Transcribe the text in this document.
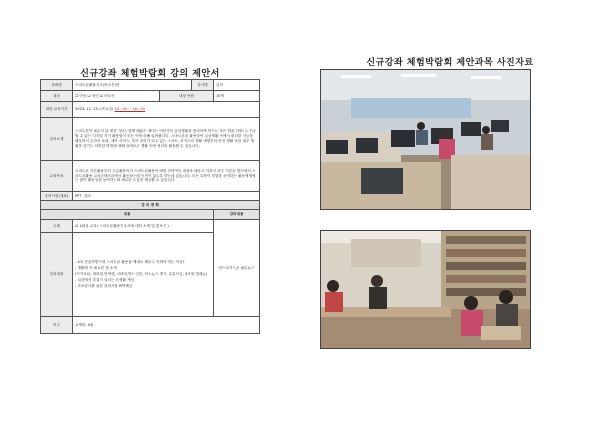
신규강좌 체험박람회 강의 제안서
강좌명	스마트폰활용기초(어르신)반		강사명	김씨
대상	☐ 아동 ☑ 성인 ☑ 어르신	대상 인원		10명
희망 교육기간	2023. 11. 20. (목요일) 14 : 00 ~ 16 : 00			
강의소개	스마트폰이 필수가 된 세상, 당신, 함께 배워도 재미는 어딘가?! 일상생활을 편리하게 만드는 작은 앱을 다양! 누구나 할 수 있는 디지털 기기 활용법이 모든 이에 의해 알려줍니다. 스마트폰을 활용하여 일상생활 속에서 편리한 기능을 배우며서 온라인 쇼핑, 예약 서비스, 톡이 준비가 되고 있는 스마트, 포커스의 생활 예방부터 안전 생활 또한 매우 생활을 즐기는 다양한 방법에 대해 알려보고 생활 속에 정석의 활용할 수 있습니다.			
교육목표	스마트폰 기본활용부터 고급활용까지 스마트폰활용이 매번 전략적인 내용을 배우고 익혀서 평주 기본된 방식에서 스마트폰활용 교육콘텐츠리에서 활동하는데 승격이 없도록 하는데 있습니다. 모든 특정이 경험을 준비하는 활동에게에는 많이 활동성을 높여하는데 새로운 도움을 제공할 수 있습니다.			
준비사항(재료)	PPT, 강의			
강 의 계 획				
내용				강의내용
주제	☑ 1회차 교육( 스마트폰활용기초사에 대한 소개 및 맛보기 )			안드로이드폰 필수요구
강의내용	- 4차 산업혁명시대 스마트폰 활용을 제대로 배우고 익혀야 하는 이유?

- 생활에 꼭 필요한 앱 소개

(카카오티, 대화형 번역앱, 모바일캐스 인증, 아스뉴스 게시, 유튜브등, 3조형 앱메뉴)

- 일상에서 즐겁기 살리는 폰생활 게임

- 초보강사를 위한 강의사용 PPT제공			

비고	교재비: 0원			
신규강좌 체험박람회 제안과목 사진자료
